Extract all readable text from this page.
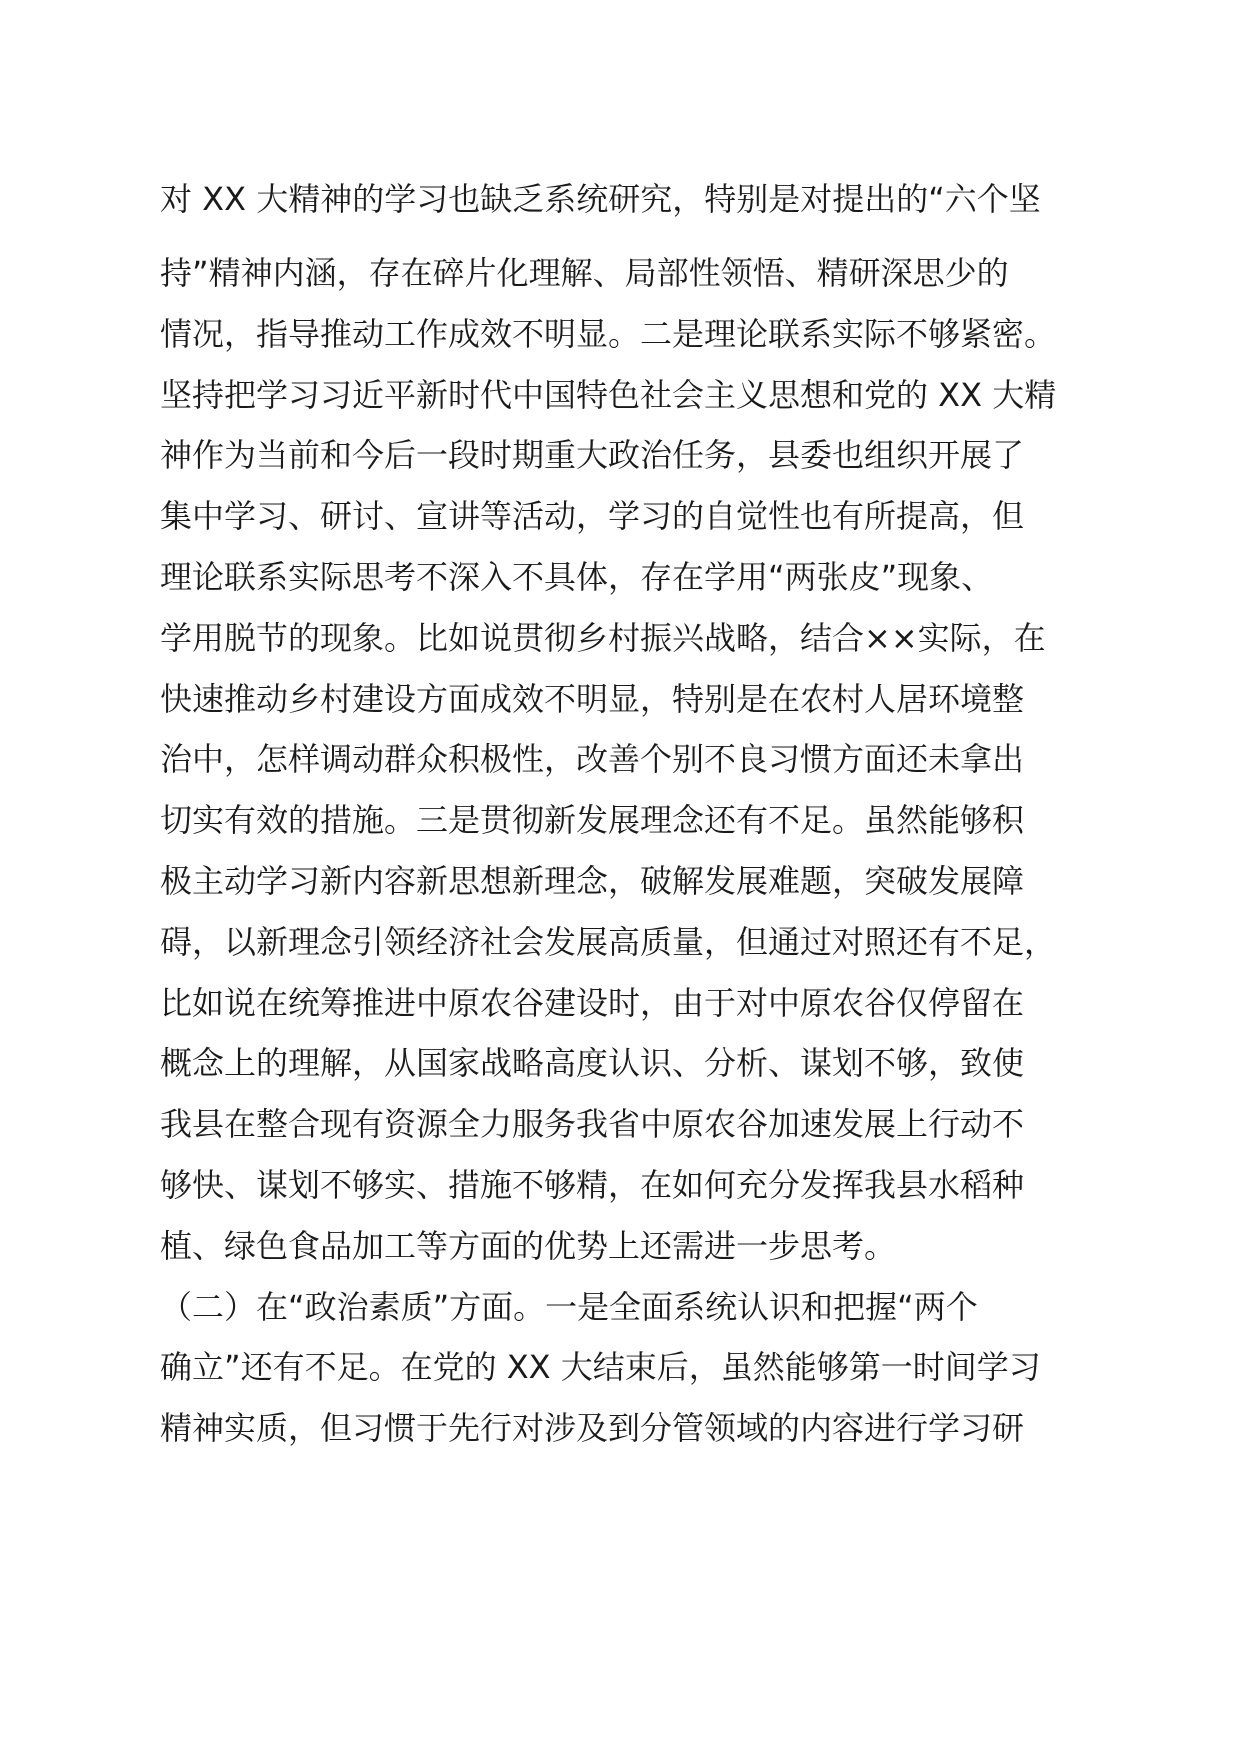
对 XX 大精神的学习也缺乏系统研究，特别是对提出的“六个坚
持”精神内涵，存在碎片化理解、局部性领悟、精研深思少的
情况，指导推动工作成效不明显。二是理论联系实际不够紧密。
坚持把学习习近平新时代中国特色社会主义思想和党的 XX 大精
神作为当前和今后一段时期重大政治任务，县委也组织开展了
集中学习、研讨、宣讲等活动，学习的自觉性也有所提高，但
理论联系实际思考不深入不具体，存在学用“两张皮”现象、
学用脱节的现象。比如说贯彻乡村振兴战略，结合××实际，在
快速推动乡村建设方面成效不明显，特别是在农村人居环境整
治中，怎样调动群众积极性，改善个别不良习惯方面还未拿出
切实有效的措施。三是贯彻新发展理念还有不足。虽然能够积
极主动学习新内容新思想新理念，破解发展难题，突破发展障
碍，以新理念引领经济社会发展高质量，但通过对照还有不足，
比如说在统筹推进中原农谷建设时，由于对中原农谷仅停留在
概念上的理解，从国家战略高度认识、分析、谋划不够，致使
我县在整合现有资源全力服务我省中原农谷加速发展上行动不
够快、谋划不够实、措施不够精，在如何充分发挥我县水稻种
植、绿色食品加工等方面的优势上还需进一步思考。
（二）在“政治素质”方面。一是全面系统认识和把握“两个
确立”还有不足。在党的 XX 大结束后，虽然能够第一时间学习
精神实质，但习惯于先行对涉及到分管领域的内容进行学习研
